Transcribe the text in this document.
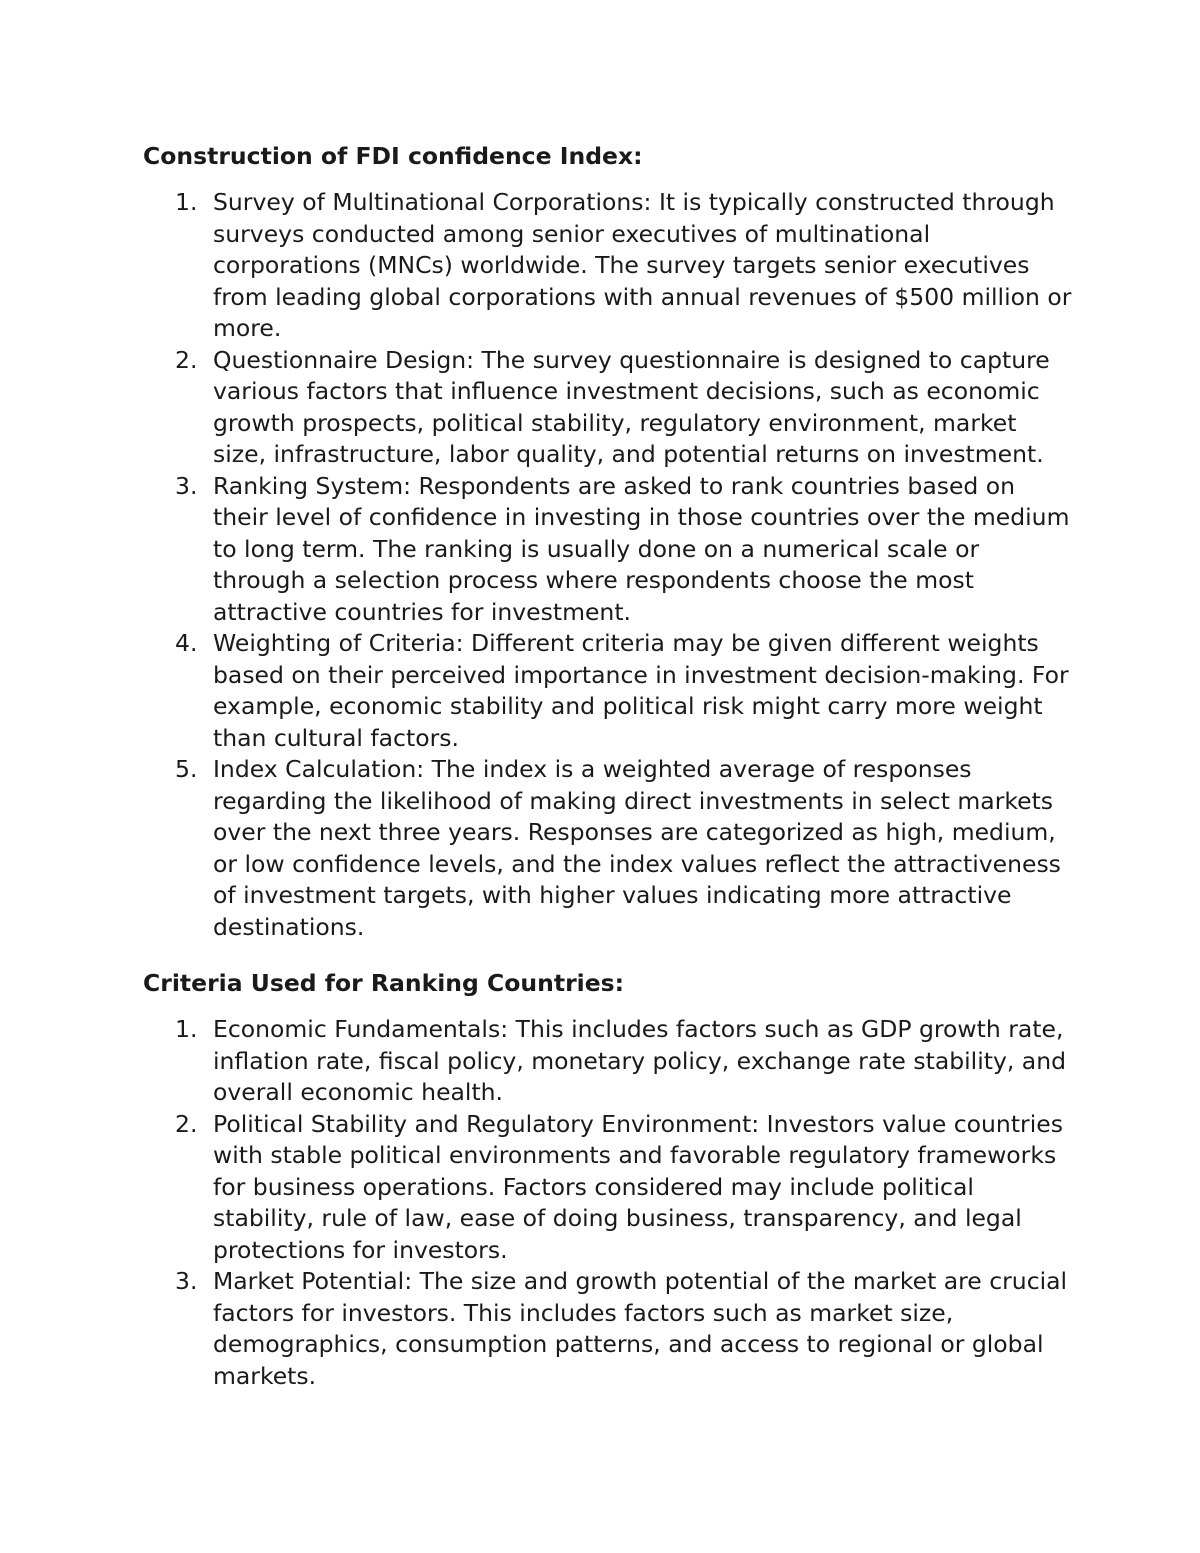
Construction of FDI confidence Index:
1. Survey of Multinational Corporations: It is typically constructed through surveys conducted among senior executives of multinational corporations (MNCs) worldwide. The survey targets senior executives from leading global corporations with annual revenues of $500 million or more.
2. Questionnaire Design: The survey questionnaire is designed to capture various factors that influence investment decisions, such as economic growth prospects, political stability, regulatory environment, market size, infrastructure, labor quality, and potential returns on investment.
3. Ranking System: Respondents are asked to rank countries based on their level of confidence in investing in those countries over the medium to long term. The ranking is usually done on a numerical scale or through a selection process where respondents choose the most attractive countries for investment.
4. Weighting of Criteria: Different criteria may be given different weights based on their perceived importance in investment decision-making. For example, economic stability and political risk might carry more weight than cultural factors.
5. Index Calculation: The index is a weighted average of responses regarding the likelihood of making direct investments in select markets over the next three years. Responses are categorized as high, medium, or low confidence levels, and the index values reflect the attractiveness of investment targets, with higher values indicating more attractive destinations.
Criteria Used for Ranking Countries:
1. Economic Fundamentals: This includes factors such as GDP growth rate, inflation rate, fiscal policy, monetary policy, exchange rate stability, and overall economic health.
2. Political Stability and Regulatory Environment: Investors value countries with stable political environments and favorable regulatory frameworks for business operations. Factors considered may include political stability, rule of law, ease of doing business, transparency, and legal protections for investors.
3. Market Potential: The size and growth potential of the market are crucial factors for investors. This includes factors such as market size, demographics, consumption patterns, and access to regional or global markets.
